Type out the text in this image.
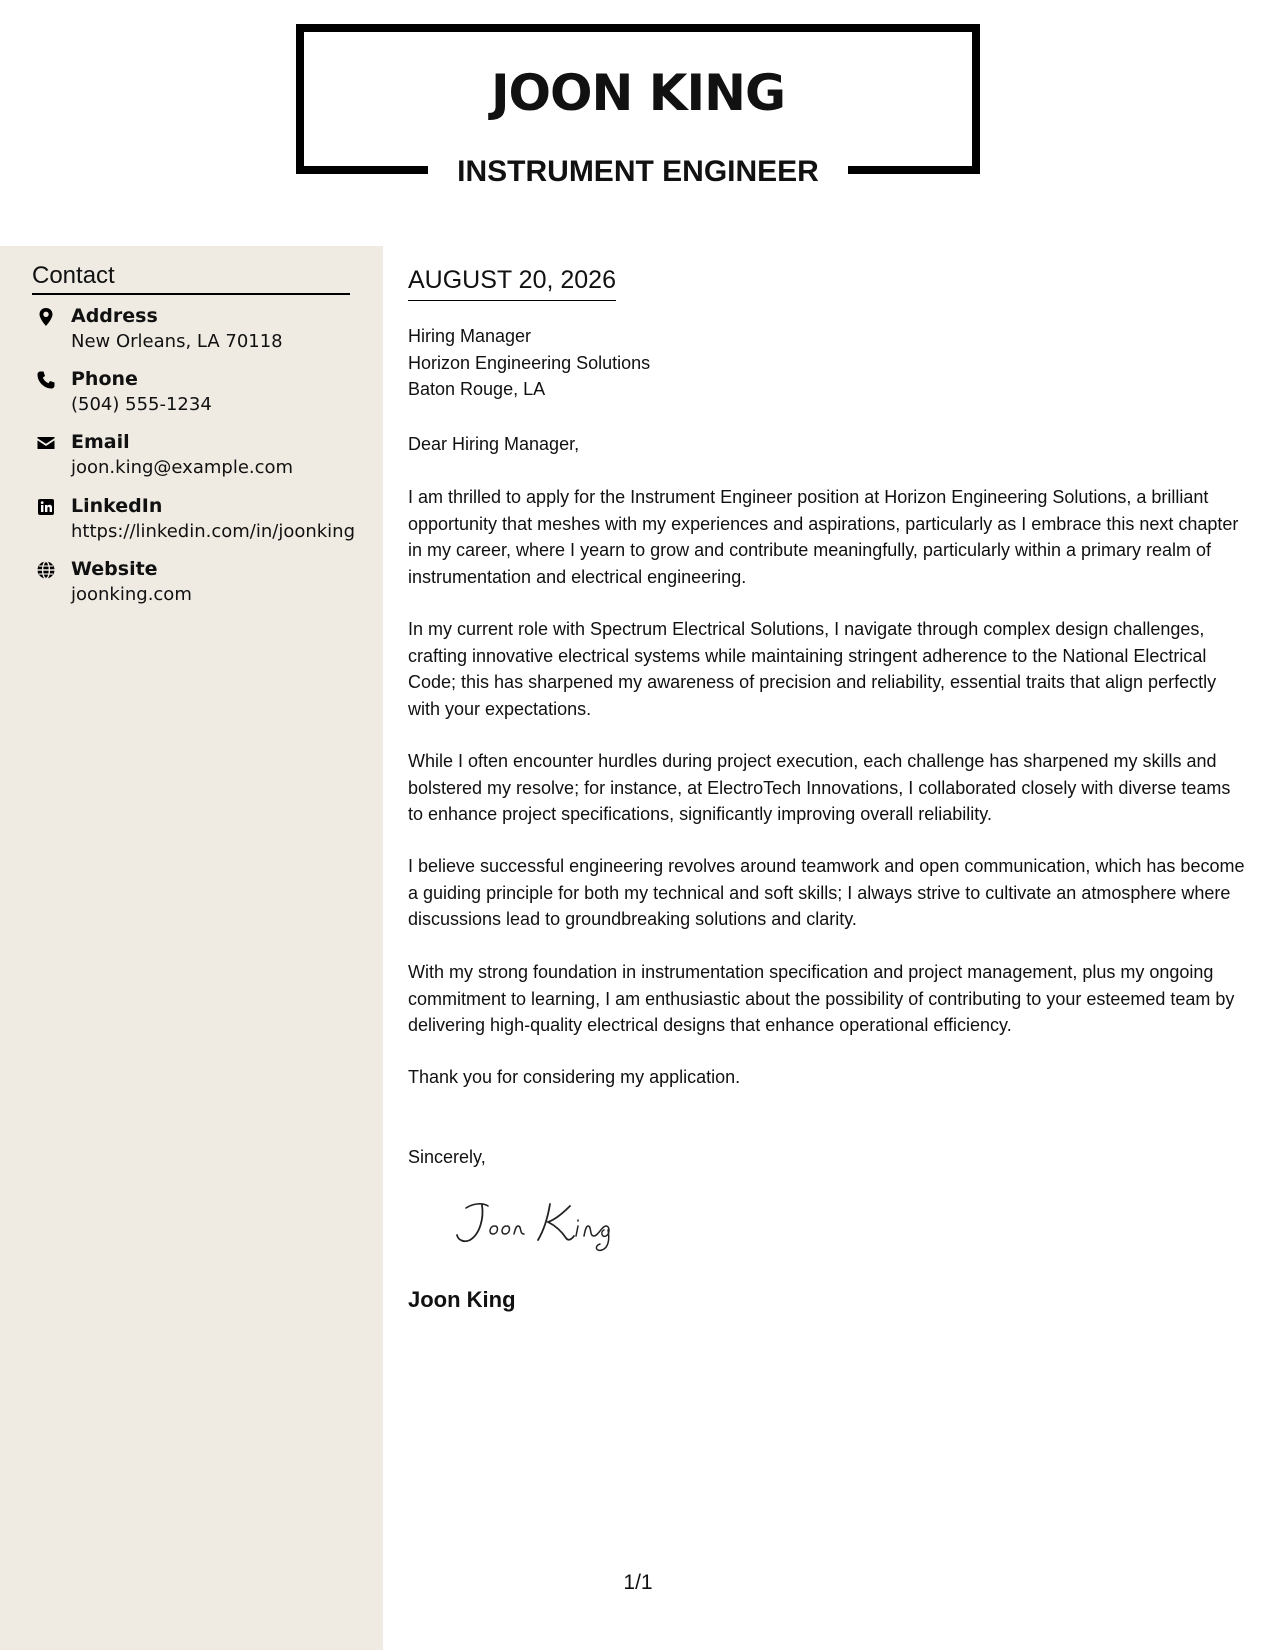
JOON KING
INSTRUMENT ENGINEER
Contact
Address
New Orleans, LA 70118
Phone
(504) 555-1234
Email
joon.king@example.com
LinkedIn
https://linkedin.com/in/joonking
Website
joonking.com
AUGUST 20, 2026
Hiring Manager
Horizon Engineering Solutions
Baton Rouge, LA
Dear Hiring Manager,
I am thrilled to apply for the Instrument Engineer position at Horizon Engineering Solutions, a brilliant opportunity that meshes with my experiences and aspirations, particularly as I embrace this next chapter in my career, where I yearn to grow and contribute meaningfully, particularly within a primary realm of instrumentation and electrical engineering.
In my current role with Spectrum Electrical Solutions, I navigate through complex design challenges, crafting innovative electrical systems while maintaining stringent adherence to the National Electrical Code; this has sharpened my awareness of precision and reliability, essential traits that align perfectly with your expectations.
While I often encounter hurdles during project execution, each challenge has sharpened my skills and bolstered my resolve; for instance, at ElectroTech Innovations, I collaborated closely with diverse teams to enhance project specifications, significantly improving overall reliability.
I believe successful engineering revolves around teamwork and open communication, which has become a guiding principle for both my technical and soft skills; I always strive to cultivate an atmosphere where discussions lead to groundbreaking solutions and clarity.
With my strong foundation in instrumentation specification and project management, plus my ongoing commitment to learning, I am enthusiastic about the possibility of contributing to your esteemed team by delivering high-quality electrical designs that enhance operational efficiency.
Thank you for considering my application.
Sincerely,
Joon King
1/1
